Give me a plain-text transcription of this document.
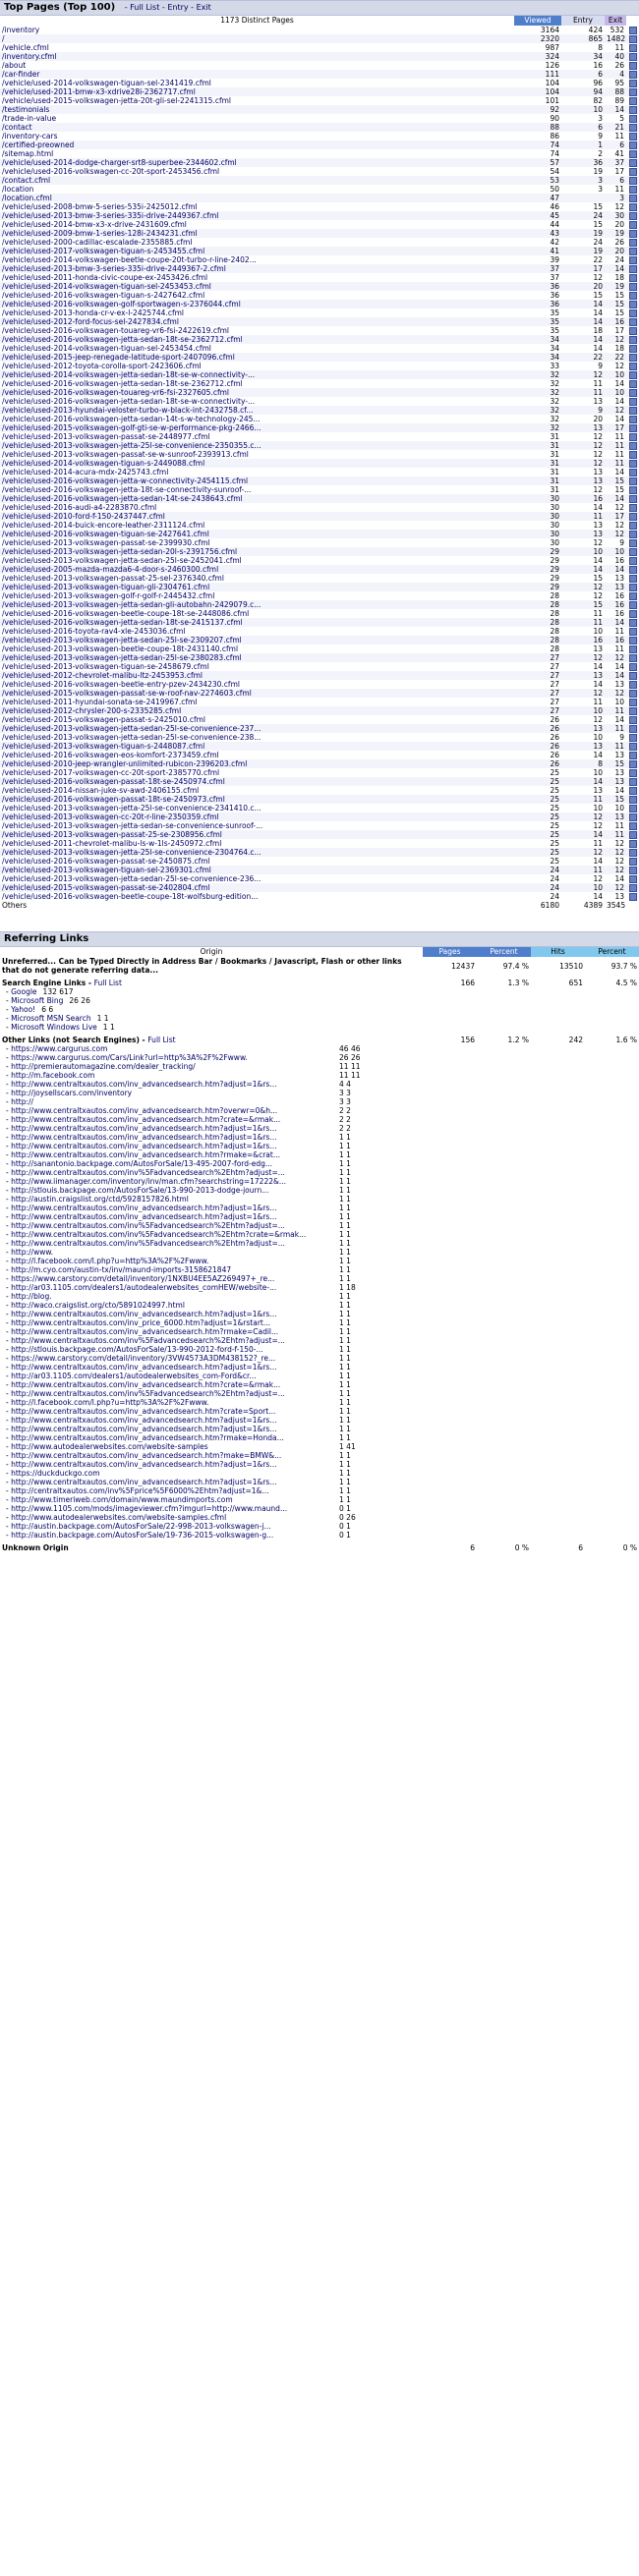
Top Pages (Top 100) - Full List - Entry - Exit
1173 Distinct Pages	Viewed	Entry	Exit	
/inventory	3164	424	532	
/	2320	865	1482	
/vehicle.cfml	987	8	11	
/inventory.cfml	324	34	40	
/about	126	16	26	
/car-finder	111	6	4	
/vehicle/used-2014-volkswagen-tiguan-sel-2341419.cfml	104	96	95	
/vehicle/used-2011-bmw-x3-xdrive28i-2362717.cfml	104	94	88	
/vehicle/used-2015-volkswagen-jetta-20t-gli-sel-2241315.cfml	101	82	89	
/testimonials	92	10	14	
/trade-in-value	90	3	5	
/contact	88	6	21	
/inventory-cars	86	9	11	
/certified-preowned	74	1	6	
/sitemap.html	74	2	41	
/vehicle/used-2014-dodge-charger-srt8-superbee-2344602.cfml	57	36	37	
/vehicle/used-2016-volkswagen-cc-20t-sport-2453456.cfml	54	19	17	
/contact.cfml	53	3	6	
/location	50	3	11	
/location.cfml	47		3	
/vehicle/used-2008-bmw-5-series-535i-2425012.cfml	46	15	12	
/vehicle/used-2013-bmw-3-series-335i-drive-2449367.cfml	45	24	30	
/vehicle/used-2014-bmw-x3-x-drive-2431609.cfml	44	15	20	
/vehicle/used-2009-bmw-1-series-128i-2434231.cfml	43	19	19	
/vehicle/used-2000-cadillac-escalade-2355885.cfml	42	24	26	
/vehicle/used-2017-volkswagen-tiguan-s-2453455.cfml	41	19	20	
/vehicle/used-2014-volkswagen-beetle-coupe-20t-turbo-r-line-2402...	39	22	24	
/vehicle/used-2013-bmw-3-series-335i-drive-2449367-2.cfml	37	17	14	
/vehicle/used-2011-honda-civic-coupe-ex-2453426.cfml	37	12	18	
/vehicle/used-2014-volkswagen-tiguan-sel-2453453.cfml	36	20	19	
/vehicle/used-2016-volkswagen-tiguan-s-2427642.cfml	36	15	15	
/vehicle/used-2016-volkswagen-golf-sportwagen-s-2376044.cfml	36	14	15	
/vehicle/used-2013-honda-cr-v-ex-l-2425744.cfml	35	14	15	
/vehicle/used-2012-ford-focus-sel-2427834.cfml	35	14	16	
/vehicle/used-2016-volkswagen-touareg-vr6-fsi-2422619.cfml	35	18	17	
/vehicle/used-2016-volkswagen-jetta-sedan-18t-se-2362712.cfml	34	14	12	
/vehicle/used-2014-volkswagen-tiguan-sel-2453454.cfml	34	14	18	
/vehicle/used-2015-jeep-renegade-latitude-sport-2407096.cfml	34	22	22	
/vehicle/used-2012-toyota-corolla-sport-2423606.cfml	33	9	12	
/vehicle/used-2014-volkswagen-jetta-sedan-18t-se-w-connectivity-...	32	12	10	
/vehicle/used-2016-volkswagen-jetta-sedan-18t-se-2362712.cfml	32	11	14	
/vehicle/used-2016-volkswagen-touareg-vr6-fsi-2327605.cfml	32	11	10	
/vehicle/used-2016-volkswagen-jetta-sedan-18t-se-w-connectivity-...	32	13	14	
/vehicle/used-2013-hyundai-veloster-turbo-w-black-int-2432758.cf...	32	9	12	
/vehicle/used-2016-volkswagen-jetta-sedan-14t-s-w-technology-245...	32	20	14	
/vehicle/used-2015-volkswagen-golf-gti-se-w-performance-pkg-2466...	32	13	17	
/vehicle/used-2013-volkswagen-passat-se-2448977.cfml	31	12	11	
/vehicle/used-2013-volkswagen-jetta-25l-se-convenience-2350355.c...	31	12	11	
/vehicle/used-2013-volkswagen-passat-se-w-sunroof-2393913.cfml	31	12	11	
/vehicle/used-2014-volkswagen-tiguan-s-2449088.cfml	31	12	11	
/vehicle/used-2014-acura-mdx-2425743.cfml	31	13	14	
/vehicle/used-2016-volkswagen-jetta-w-connectivity-2454115.cfml	31	13	15	
/vehicle/used-2016-volkswagen-jetta-18t-se-connectivity-sunroof-...	31	12	15	
/vehicle/used-2016-volkswagen-jetta-sedan-14t-se-2438643.cfml	30	16	14	
/vehicle/used-2016-audi-a4-2283870.cfml	30	14	12	
/vehicle/used-2010-ford-f-150-2437447.cfml	30	11	17	
/vehicle/used-2014-buick-encore-leather-2311124.cfml	30	13	12	
/vehicle/used-2016-volkswagen-tiguan-se-2427641.cfml	30	13	12	
/vehicle/used-2013-volkswagen-passat-se-2399930.cfml	30	12	9	
/vehicle/used-2013-volkswagen-jetta-sedan-20l-s-2391756.cfml	29	10	10	
/vehicle/used-2013-volkswagen-jetta-sedan-25l-se-2452041.cfml	29	14	16	
/vehicle/used-2005-mazda-mazda6-4-door-s-2460300.cfml	29	14	14	
/vehicle/used-2013-volkswagen-passat-25-sel-2376340.cfml	29	15	13	
/vehicle/used-2013-volkswagen-tiguan-gli-2304761.cfml	29	12	13	
/vehicle/used-2013-volkswagen-golf-r-golf-r-2445432.cfml	28	12	16	
/vehicle/used-2013-volkswagen-jetta-sedan-gli-autobahn-2429079.c...	28	15	16	
/vehicle/used-2016-volkswagen-beetle-coupe-18t-se-2448086.cfml	28	11	16	
/vehicle/used-2016-volkswagen-jetta-sedan-18t-se-2415137.cfml	28	11	14	
/vehicle/used-2016-toyota-rav4-xle-2453036.cfml	28	10	11	
/vehicle/used-2013-volkswagen-jetta-sedan-25l-se-2309207.cfml	28	16	16	
/vehicle/used-2013-volkswagen-beetle-coupe-18t-2431140.cfml	28	13	11	
/vehicle/used-2013-volkswagen-jetta-sedan-25l-se-2380283.cfml	27	12	12	
/vehicle/used-2013-volkswagen-tiguan-se-2458679.cfml	27	14	14	
/vehicle/used-2012-chevrolet-malibu-ltz-2453953.cfml	27	13	14	
/vehicle/used-2016-volkswagen-beetle-entry-pzev-2434230.cfml	27	14	13	
/vehicle/used-2015-volkswagen-passat-se-w-roof-nav-2274603.cfml	27	12	12	
/vehicle/used-2011-hyundai-sonata-se-2419967.cfml	27	11	10	
/vehicle/used-2012-chrysler-200-s-2335285.cfml	27	10	11	
/vehicle/used-2015-volkswagen-passat-s-2425010.cfml	26	12	14	
/vehicle/used-2013-volkswagen-jetta-sedan-25l-se-convenience-237...	26	13	11	
/vehicle/used-2013-volkswagen-jetta-sedan-25l-se-convenience-238...	26	10	9	
/vehicle/used-2013-volkswagen-tiguan-s-2448087.cfml	26	13	11	
/vehicle/used-2016-volkswagen-eos-komfort-2373459.cfml	26	14	13	
/vehicle/used-2010-jeep-wrangler-unlimited-rubicon-2396203.cfml	26	8	15	
/vehicle/used-2017-volkswagen-cc-20t-sport-2385770.cfml	25	10	13	
/vehicle/used-2016-volkswagen-passat-18t-se-2450974.cfml	25	14	13	
/vehicle/used-2014-nissan-juke-sv-awd-2406155.cfml	25	13	14	
/vehicle/used-2016-volkswagen-passat-18t-se-2450973.cfml	25	11	15	
/vehicle/used-2013-volkswagen-jetta-25l-se-convenience-2341410.c...	25	10	10	
/vehicle/used-2013-volkswagen-cc-20t-r-line-2350359.cfml	25	12	13	
/vehicle/used-2013-volkswagen-jetta-sedan-se-convenience-sunroof-...	25	12	11	
/vehicle/used-2013-volkswagen-passat-25-se-2308956.cfml	25	14	11	
/vehicle/used-2011-chevrolet-malibu-ls-w-1ls-2450972.cfml	25	11	12	
/vehicle/used-2013-volkswagen-jetta-25l-se-convenience-2304764.c...	25	12	12	
/vehicle/used-2016-volkswagen-passat-se-2450875.cfml	25	14	12	
/vehicle/used-2013-volkswagen-tiguan-sel-2369301.cfml	24	11	12	
/vehicle/used-2013-volkswagen-jetta-sedan-25l-se-convenience-236...	24	12	14	
/vehicle/used-2015-volkswagen-passat-se-2402804.cfml	24	10	12	
/vehicle/used-2016-volkswagen-beetle-coupe-18t-wolfsburg-edition...	24	14	13	
Others	6180	4389	3545	
Referring Links
Origin	Pages	Percent	Hits	Percent
Unreferred... Can be Typed Directly in Address Bar / Bookmarks / Javascript, Flash or other links that do not generate referring data...	12437	97.4 %	13510	93.7 %

Search Engine Links - Full List	166	1.3 %	651	4.5 %
- Google 132 617				
- Microsoft Bing 26 26				
- Yahoo! 6 6				
- Microsoft MSN Search 1 1				
- Microsoft Windows Live 1 1				

Other Links (not Search Engines) - Full List	156	1.2 %	242	1.6 %
- https://www.cargurus.com 46 46				

- https://www.cargurus.com/Cars/Link?url=http%3A%2F%2Fwww. 26 26				

- http://premierautomagazine.com/dealer_tracking/ 11 11				

- http://m.facebook.com 11 11				

- http://www.centraltxautos.com/inv_advancedsearch.htm?adjust=1&rs... 4 4				

- http://joysellscars.com/inventory 3 3				

- http:// 3 3				

- http://www.centraltxautos.com/inv_advancedsearch.htm?overwr=0&h... 2 2				

- http://www.centraltxautos.com/inv_advancedsearch.htm?crate=&rmak... 2 2				

- http://www.centraltxautos.com/inv_advancedsearch.htm?adjust=1&rs... 2 2				

- http://www.centraltxautos.com/inv_advancedsearch.htm?adjust=1&rs... 1 1				

- http://www.centraltxautos.com/inv_advancedsearch.htm?adjust=1&rs... 1 1				

- http://www.centraltxautos.com/inv_advancedsearch.htm?rmake=&crat... 1 1				

- http://sanantonio.backpage.com/AutosForSale/13-495-2007-ford-edg... 1 1				

- http://www.centraltxautos.com/inv%5Fadvancedsearch%2Ehtm?adjust=... 1 1				

- http://www.iimanager.com/inventory/inv/man.cfm?searchstring=17222&... 1 1				

- http://stlouis.backpage.com/AutosForSale/13-990-2013-dodge-journ... 1 1				

- http://austin.craigslist.org/ctd/5928157826.html 1 1				

- http://www.centraltxautos.com/inv_advancedsearch.htm?adjust=1&rs... 1 1				

- http://www.centraltxautos.com/inv_advancedsearch.htm?adjust=1&rs... 1 1				

- http://www.centraltxautos.com/inv%5Fadvancedsearch%2Ehtm?adjust=... 1 1				

- http://www.centraltxautos.com/inv%5Fadvancedsearch%2Ehtm?crate=&rmak... 1 1				

- http://www.centraltxautos.com/inv%5Fadvancedsearch%2Ehtm?adjust=... 1 1				

- http://www. 1 1				

- http://l.facebook.com/l.php?u=http%3A%2F%2Fwww. 1 1				

- http://m.cyo.com/austin-tx/inv/maund-imports-3158621847 1 1				

- https://www.carstory.com/detail/inventory/1NXBU4EE5AZ269497+_re... 1 1				

- http://ar03.1105.com/dealers1/autodealerwebsites_comHEW/website-... 1 18				

- http://blog. 1 1				

- http://waco.craigslist.org/cto/5891024997.html 1 1				

- http://www.centraltxautos.com/inv_advancedsearch.htm?adjust=1&rs... 1 1				

- http://www.centraltxautos.com/inv_price_6000.htm?adjust=1&rstart... 1 1				

- http://www.centraltxautos.com/inv_advancedsearch.htm?rmake=Cadil... 1 1				

- http://www.centraltxautos.com/inv%5Fadvancedsearch%2Ehtm?adjust=... 1 1				

- http://stlouis.backpage.com/AutosForSale/13-990-2012-ford-f-150-... 1 1				

- https://www.carstory.com/detail/inventory/3VW4573A3DM438152?_re... 1 1				

- http://www.centraltxautos.com/inv_advancedsearch.htm?adjust=1&rs... 1 1				

- http://ar03.1105.com/dealers1/autodealerwebsites_com-Ford&cr... 1 1				

- http://www.centraltxautos.com/inv_advancedsearch.htm?crate=&rmak... 1 1				

- http://www.centraltxautos.com/inv%5Fadvancedsearch%2Ehtm?adjust=... 1 1				

- http://l.facebook.com/l.php?u=http%3A%2F%2Fwww. 1 1				

- http://www.centraltxautos.com/inv_advancedsearch.htm?crate=Sport... 1 1				

- http://www.centraltxautos.com/inv_advancedsearch.htm?adjust=1&rs... 1 1				

- http://www.centraltxautos.com/inv_advancedsearch.htm?adjust=1&rs... 1 1				

- http://www.centraltxautos.com/inv_advancedsearch.htm?rmake=Honda... 1 1				

- http://www.autodealerwebsites.com/website-samples 1 41				

- http://www.centraltxautos.com/inv_advancedsearch.htm?make=BMW&... 1 1				

- http://www.centraltxautos.com/inv_advancedsearch.htm?adjust=1&rs... 1 1				

- https://duckduckgo.com 1 1				

- http://www.centraltxautos.com/inv_advancedsearch.htm?adjust=1&rs... 1 1				

- http://centraltxautos.com/inv%5Fprice%5F6000%2Ehtm?adjust=1&... 1 1				

- http://www.timeriweb.com/domain/www.maundimports.com 1 1				

- http://www.1105.com/mods/imageviewer.cfm?imgurl=http://www.maund... 0 1				

- http://www.autodealerwebsites.com/website-samples.cfml 0 26				

- http://austin.backpage.com/AutosForSale/22-998-2013-volkswagen-j... 0 1				

- http://austin.backpage.com/AutosForSale/19-736-2015-volkswagen-g... 0 1				

Unknown Origin	6	0 %	6	0 %
